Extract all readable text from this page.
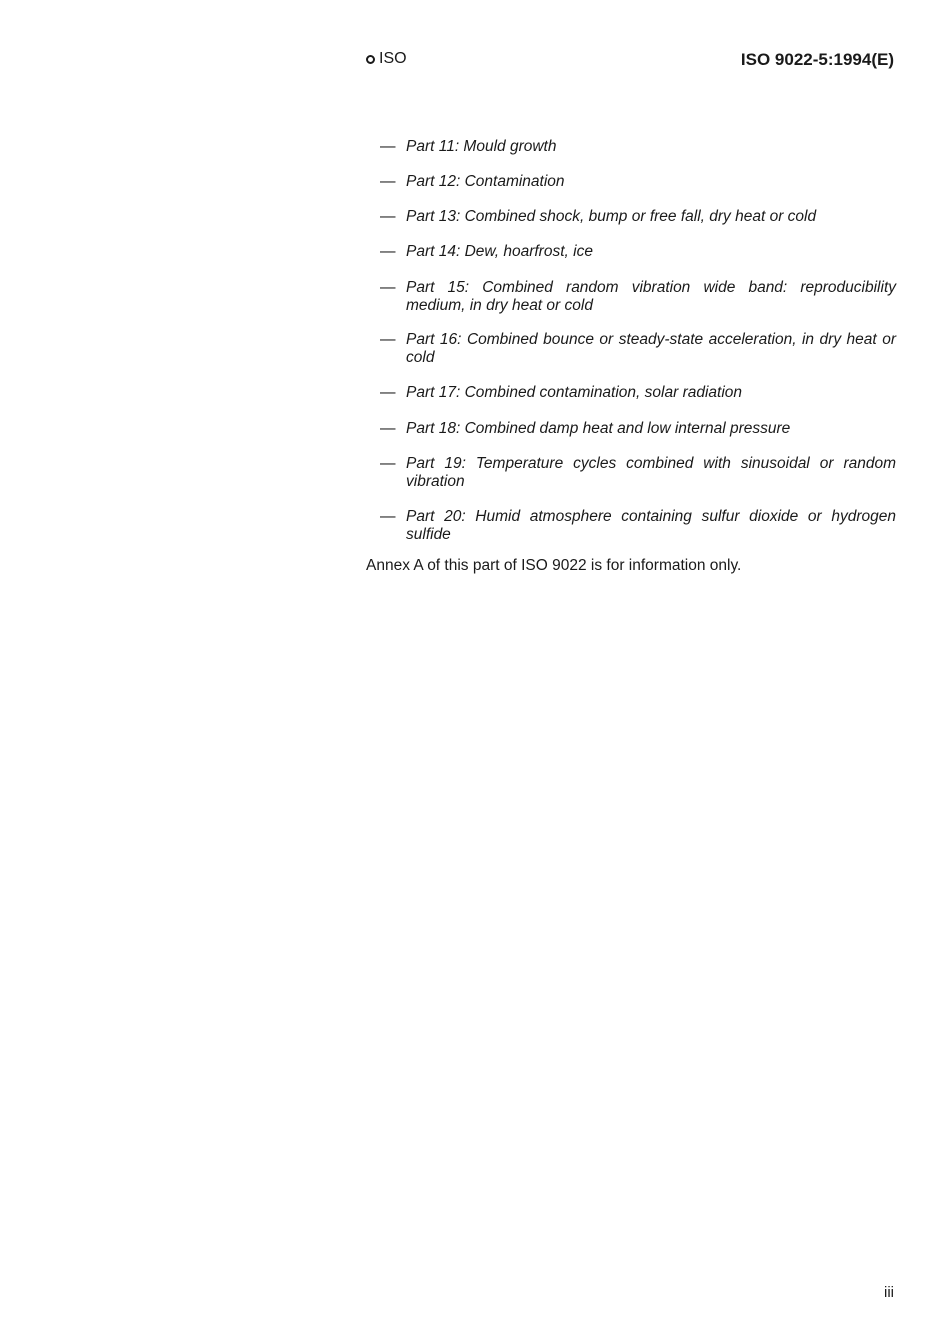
ISO	ISO 9022-5:1994(E)
— Part 11: Mould growth
— Part 12: Contamination
— Part 13: Combined shock, bump or free fall, dry heat or cold
— Part 14: Dew, hoarfrost, ice
— Part 15: Combined random vibration wide band: reproducibility medium, in dry heat or cold
— Part 16: Combined bounce or steady-state acceleration, in dry heat or cold
— Part 17: Combined contamination, solar radiation
— Part 18: Combined damp heat and low internal pressure
— Part 19: Temperature cycles combined with sinusoidal or random vibration
— Part 20: Humid atmosphere containing sulfur dioxide or hydrogen sulfide
Annex A of this part of ISO 9022 is for information only.
iii
